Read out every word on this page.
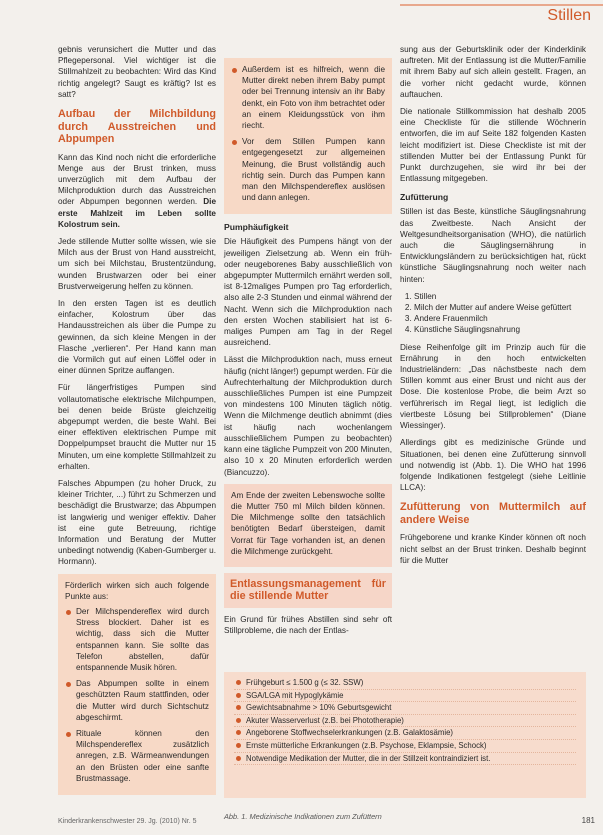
Stillen

gebnis verunsichert die Mutter und das Pflegepersonal. Viel wichtiger ist die Stillmahlzeit zu beobachten: Wird das Kind richtig angelegt? Saugt es kräftig? Ist es satt?

Aufbau der Milchbildung durch Ausstreichen und Abpumpen

Kann das Kind noch nicht die erforderliche Menge aus der Brust trinken, muss unverzüglich mit dem Aufbau der Milchproduktion durch das Ausstreichen oder Abpumpen begonnen werden. Die erste Mahlzeit im Leben sollte Kolostrum sein.

Jede stillende Mutter sollte wissen, wie sie Milch aus der Brust von Hand ausstreicht, um sich bei Milchstau, Brustentzündung, wunden Brustwarzen oder bei einer Brustverweigerung helfen zu können.

In den ersten Tagen ist es deutlich einfacher, Kolostrum über das Handausstreichen als über die Pumpe zu gewinnen, da sich kleine Mengen in der Flasche „verlieren“. Per Hand kann man die Vormilch gut auf einen Löffel oder in einer dünnen Spritze auffangen.

Für längerfristiges Pumpen sind vollautomatische elektrische Milchpumpen, bei denen beide Brüste gleichzeitig abgepumpt werden, die beste Wahl. Bei einer effektiven elektrischen Pumpe mit Doppelpumpset braucht die Mutter nur 15 Minuten, um eine komplette Stillmahlzeit zu erhalten.

Falsches Abpumpen (zu hoher Druck, zu kleiner Trichter, ...) führt zu Schmerzen und beschädigt die Brustwarze; das Abpumpen ist langwierig und weniger effektiv. Daher ist eine gute Betreuung, richtige Information und Beratung der Mutter unbedingt notwendig (Kaben-Gumberger u. Hormann).

Förderlich wirken sich auch folgende Punkte aus:

Der Milchspendereflex wird durch Stress blockiert. Daher ist es wichtig, dass sich die Mutter entspannen kann. Sie sollte das Telefon abstellen, dafür entspannende Musik hören.
Das Abpumpen sollte in einem geschützten Raum stattfinden, oder die Mutter wird durch Sichtschutz abgeschirmt.
Rituale können den Milchspendereflex zusätzlich anregen, z.B. Wärmeanwendungen an den Brüsten oder eine sanfte Brustmassage.
Außerdem ist es hilfreich, wenn die Mutter direkt neben ihrem Baby pumpt oder bei Trennung intensiv an ihr Baby denkt, ein Foto von ihm betrachtet oder an einem Kleidungsstück von ihm riecht.
Vor dem Stillen Pumpen kann entgegengesetzt zur allgemeinen Meinung, die Brust vollständig auch richtig sein. Durch das Pumpen kann man den Milchspendereflex auslösen und dann anlegen.
Pumphäufigkeit

Die Häufigkeit des Pumpens hängt von der jeweiligen Zielsetzung ab. Wenn ein früh- oder neugeborenes Baby ausschließlich von abgepumpter Muttermilch ernährt werden soll, ist 8-12maliges Pumpen pro Tag erforderlich, also alle 2-3 Stunden und einmal während der Nacht. Wenn sich die Milchproduktion nach den ersten Wochen stabilisiert hat ist 6-maliges Pumpen am Tag in der Regel ausreichend.

Lässt die Milchproduktion nach, muss erneut häufig (nicht länger!) gepumpt werden. Für die Aufrechterhaltung der Milchproduktion durch ausschließliches Pumpen ist eine Pumpzeit von mindestens 100 Minuten täglich nötig. Wenn die Milchmenge deutlich abnimmt (dies ist häufig nach wochenlangem ausschließlichem Pumpen zu beobachten) kann eine tägliche Pumpzeit von 200 Minuten, also 10 x 20 Minuten erforderlich werden (Biancuzzo).

Am Ende der zweiten Lebenswoche sollte die Mutter 750 ml Milch bilden können. Die Milchmenge sollte den tatsächlich benötigten Bedarf übersteigen, damit Vorrat für Tage vorhanden ist, an denen die Milchmenge zurückgeht.

Entlassungsmanagement für die stillende Mutter

Ein Grund für frühes Abstillen sind sehr oft Stillprobleme, die nach der Entlas-

sung aus der Geburtsklinik oder der Kinderklinik auftreten. Mit der Entlassung ist die Mutter/Familie mit ihrem Baby auf sich allein gestellt. Fragen, an die vorher nicht gedacht wurde, können auftauchen.

Die nationale Stillkommission hat deshalb 2005 eine Checkliste für die stillende Wöchnerin entworfen, die im auf Seite 182 folgenden Kasten leicht modifiziert ist. Diese Checkliste ist mit der stillenden Mutter bei der Entlassung Punkt für Punkt durchzugehen, sie wird ihr bei der Entlassung mitgegeben.

Zufütterung

Stillen ist das Beste, künstliche Säuglingsnahrung das Zweitbeste. Nach Ansicht der Weltgesundheitsorganisation (WHO), die natürlich auch die Säuglingsernährung in Entwicklungsländern zu berücksichtigen hat, rückt künstliche Säuglingsnahrung noch weiter nach hinten:

1. Stillen
2. Milch der Mutter auf andere Weise gefüttert
3. Andere Frauenmilch
4. Künstliche Säuglingsnahrung

Diese Reihenfolge gilt im Prinzip auch für die Ernährung in den hoch entwickelten Industrieländern: „Das nächstbeste nach dem Stillen kommt aus einer Brust und nicht aus der Dose. Die kostenlose Probe, die beim Arzt so verführerisch im Regal liegt, ist lediglich die viertbeste Lösung bei Stillproblemen“ (Diane Wiessinger).

Allerdings gibt es medizinische Gründe und Situationen, bei denen eine Zufütterung sinnvoll und notwendig ist (Abb. 1). Die WHO hat 1996 folgende Indikationen festgelegt (siehe Leitlinie LLCA):

Zufütterung von Muttermilch auf andere Weise

Frühgeborene und kranke Kinder können oft noch nicht selbst an der Brust trinken. Deshalb beginnt für die Mutter

Frühgeburt ≤ 1.500 g (≤ 32. SSW)
SGA/LGA mit Hypoglykämie
Gewichtsabnahme > 10% Geburtsgewicht
Akuter Wasserverlust (z.B. bei Phototherapie)
Angeborene Stoffwechselerkrankungen (z.B. Galaktosämie)
Ernste mütterliche Erkrankungen (z.B. Psychose, Eklampsie, Schock)
Notwendige Medikation der Mutter, die in der Stillzeit kontraindiziert ist.
Abb. 1. Medizinische Indikationen zum Zufüttern
Kinderkrankenschwester 29. Jg. (2010) Nr. 5	181
